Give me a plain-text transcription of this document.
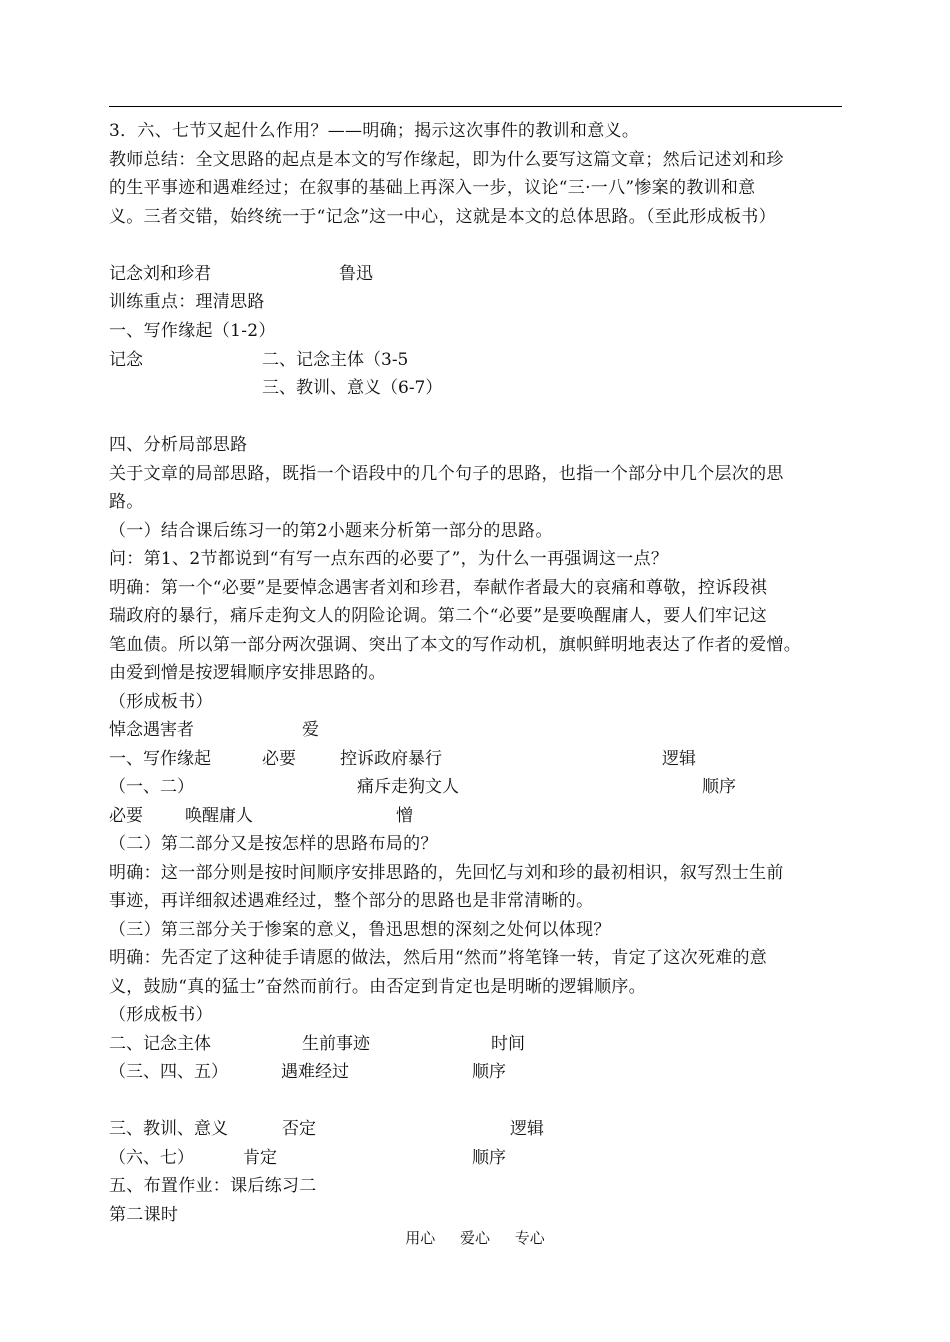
3．六、七节又起什么作用？——明确；揭示这次事件的教训和意义。
教师总结：全文思路的起点是本文的写作缘起，即为什么要写这篇文章；然后记述刘和珍
的生平事迹和遇难经过；在叙事的基础上再深入一步，议论“三·一八”惨案的教训和意
义。三者交错，始终统一于“记念”这一中心，这就是本文的总体思路。（至此形成板书）
记念刘和珍君	鲁迅
训练重点：理清思路
一、写作缘起（1-2）
记念	二、记念主体（3-5
三、教训、意义（6-7）
四、分析局部思路
关于文章的局部思路，既指一个语段中的几个句子的思路，也指一个部分中几个层次的思
路。
（一）结合课后练习一的第2小题来分析第一部分的思路。
问：第1、2节都说到“有写一点东西的必要了”，为什么一再强调这一点？
明确：第一个“必要”是要悼念遇害者刘和珍君，奉献作者最大的哀痛和尊敬，控诉段祺
瑞政府的暴行，痛斥走狗文人的阴险论调。第二个“必要”是要唤醒庸人，要人们牢记这
笔血债。所以第一部分两次强调、突出了本文的写作动机，旗帜鲜明地表达了作者的爱憎。
由爱到憎是按逻辑顺序安排思路的。
（形成板书）
悼念遇害者	爱
一、写作缘起	必要	控诉政府暴行	逻辑
（一、二）	痛斥走狗文人	顺序
必要 唤醒庸人	憎
（二）第二部分又是按怎样的思路布局的？
明确：这一部分则是按时间顺序安排思路的，先回忆与刘和珍的最初相识，叙写烈士生前
事迹，再详细叙述遇难经过，整个部分的思路也是非常清晰的。
（三）第三部分关于惨案的意义，鲁迅思想的深刻之处何以体现？
明确：先否定了这种徒手请愿的做法，然后用“然而”将笔锋一转，肯定了这次死难的意
义，鼓励“真的猛士”奋然而前行。由否定到肯定也是明晰的逻辑顺序。
（形成板书）
二、记念主体	生前事迹	时间
（三、四、五）	遇难经过	顺序
三、教训、意义	否定	逻辑
（六、七）	肯定	顺序
五、布置作业：课后练习二
第二课时
用心 爱心 专心
